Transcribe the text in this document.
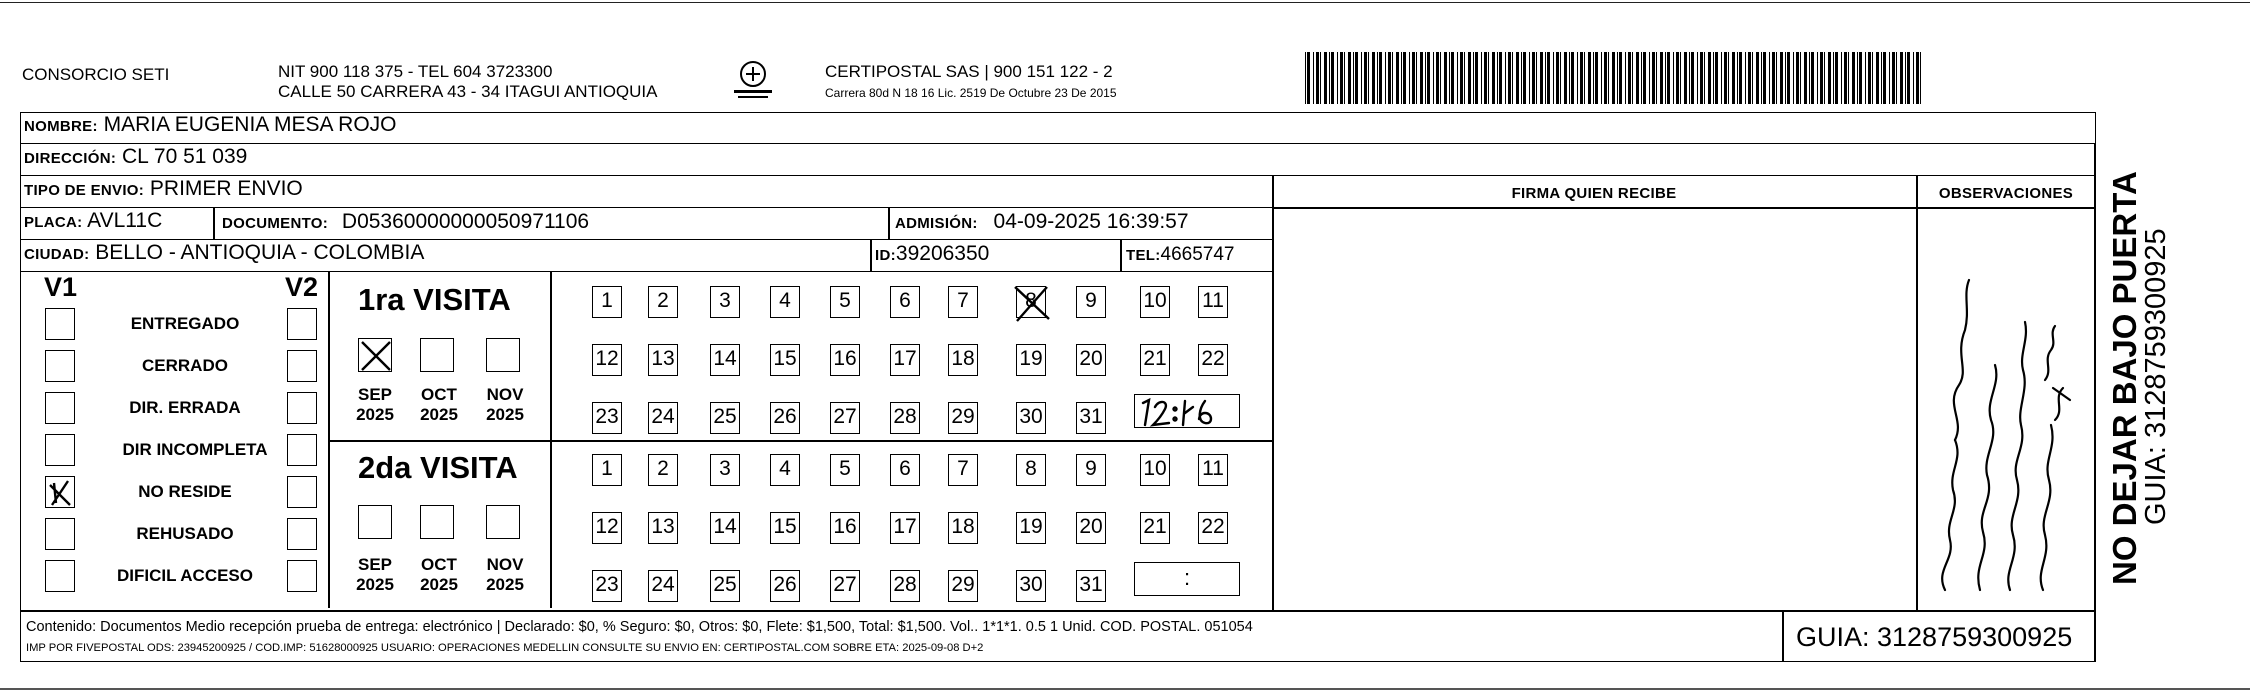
CONSORCIO SETI	NIT 900 118 375 - TEL 604 3723300
CALLE 50 CARRERA 43 - 34 ITAGUI ANTIOQUIA
CERTIPOSTAL SAS | 900 151 122 - 2
Carrera 80d N 18 16 Lic. 2519 De Octubre 23 De 2015
NOMBRE: MARIA EUGENIA MESA ROJO
DIRECCIÓN: CL 70 51 039
TIPO DE ENVIO: PRIMER ENVIO
PLACA: AVL11C	DOCUMENTO: D05360000000050971106	ADMISIÓN: 04-09-2025 16:39:57
CIUDAD: BELLO - ANTIOQUIA - COLOMBIA	ID:39206350	TEL:4665747
FIRMA QUIEN RECIBE	OBSERVACIONES
V1	V2
ENTREGADO
CERRADO
DIR. ERRADA
DIR INCOMPLETA
NO RESIDE
REHUSADO
DIFICIL ACCESO
1ra VISITA
2da VISITA
SEP
2025
OCT
2025
NOV
2025
SEP
2025
OCT
2025
NOV
2025
1	2	3	4	5	6	7	8	9	10 11
12 13 14 15 16 17 18 19 20 21 22
23 24 25 26 27 28 29 30 31
1	2	3	4	5	6	7	8	9	10 11
12 13 14 15 16 17 18 19 20 21 22
23 24 25 26 27 28 29 30 31	:
Contenido: Documentos Medio recepción prueba de entrega: electrónico | Declarado: $0, % Seguro: $0, Otros: $0, Flete: $1,500, Total: $1,500. Vol.. 1*1*1. 0.5 1 Unid. COD. POSTAL. 051054
IMP POR FIVEPOSTAL ODS: 23945200925 / COD.IMP: 51628000925 USUARIO: OPERACIONES MEDELLIN CONSULTE SU ENVIO EN: CERTIPOSTAL.COM SOBRE ETA: 2025-09-08 D+2	GUIA: 3128759300925
NO DEJAR BAJO PUERTA
GUIA: 3128759300925
